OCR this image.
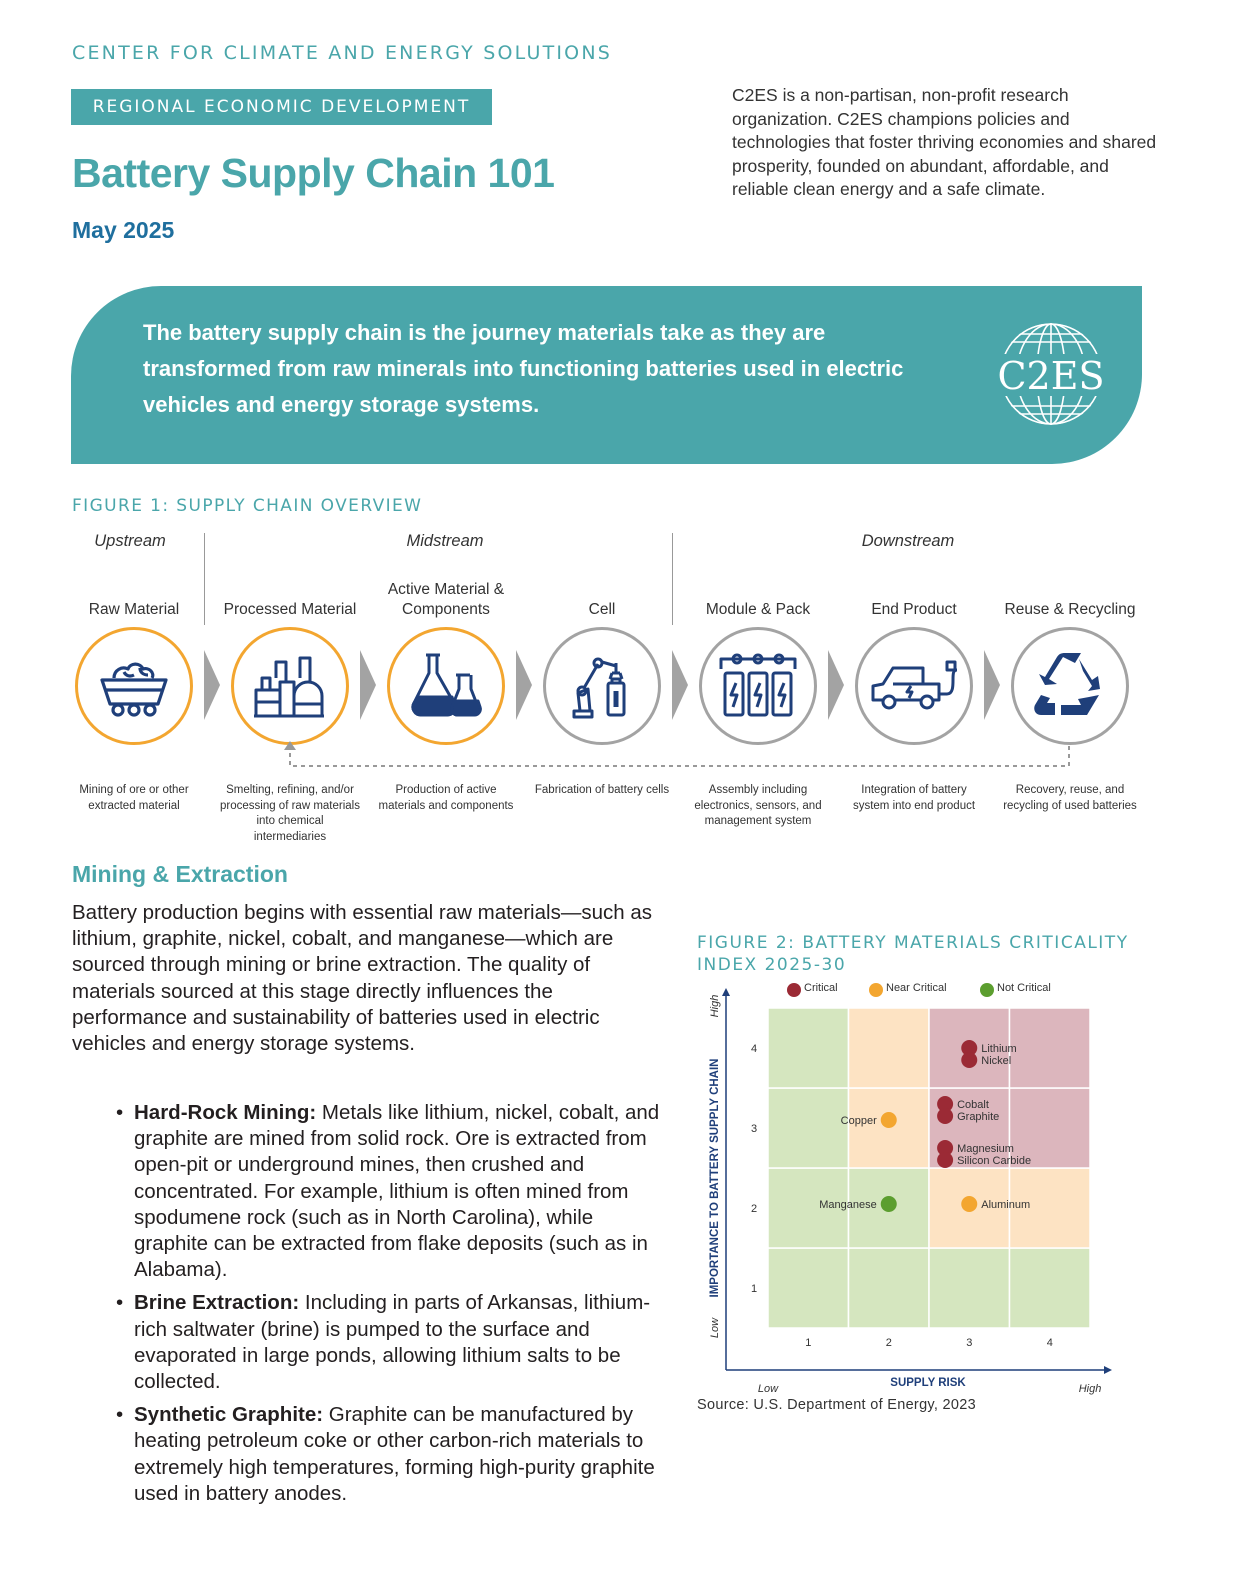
CENTER FOR CLIMATE AND ENERGY SOLUTIONS
REGIONAL ECONOMIC DEVELOPMENT
Battery Supply Chain 101
May 2025
C2ES is a non-partisan, non-profit research organization. C2ES champions policies and technologies that foster thriving economies and shared prosperity, founded on abundant, affordable, and reliable clean energy and a safe climate.
The battery supply chain is the journey materials take as they are transformed from raw minerals into functioning batteries used in electric vehicles and energy storage systems.
C2ES
FIGURE 1: SUPPLY CHAIN OVERVIEW
Upstream	Midstream	Downstream
Raw Material	Processed Material
Active Material & Components	Cell	Module & Pack	End Product	Reuse & Recycling
Mining of ore or other extracted material
Smelting, refining, and/or processing of raw materials into chemical intermediaries
Production of active materials and components
Fabrication of battery cells	Assembly including electronics, sensors, and management system
Integration of battery system into end product
Recovery, reuse, and recycling of used batteries
Mining & Extraction
Battery production begins with essential raw materials—such as lithium, graphite, nickel, cobalt, and manganese—which are sourced through mining or brine extraction. The quality of materials sourced at this stage directly influences the performance and sustainability of batteries used in electric vehicles and energy storage systems.
• Hard-Rock Mining: Metals like lithium, nickel, cobalt, and graphite are mined from solid rock. Ore is extracted from open-pit or underground mines, then crushed and concentrated. For example, lithium is often mined from spodumene rock (such as in North Carolina), while graphite can be extracted from flake deposits (such as in Alabama).
• Brine Extraction: Including in parts of Arkansas, lithium-rich saltwater (brine) is pumped to the surface and evaporated in large ponds, allowing lithium salts to be collected.
• Synthetic Graphite: Graphite can be manufactured by heating petroleum coke or other carbon-rich materials to extremely high temperatures, forming high-purity graphite used in battery anodes.
FIGURE 2: BATTERY MATERIALS CRITICALITY INDEX 2025-30
1	2	3	4
1
2
3
4
SUPPLY RISK
Low	High
IMPORTANCE TO BATTERY SUPPLY CHAIN
Low
High
Critical	Near Critical	Not Critical
Lithium
Nickel
Cobalt
Graphite
Magnesium
Silicon Carbide
Copper
Aluminum
Manganese
Source: U.S. Department of Energy, 2023
